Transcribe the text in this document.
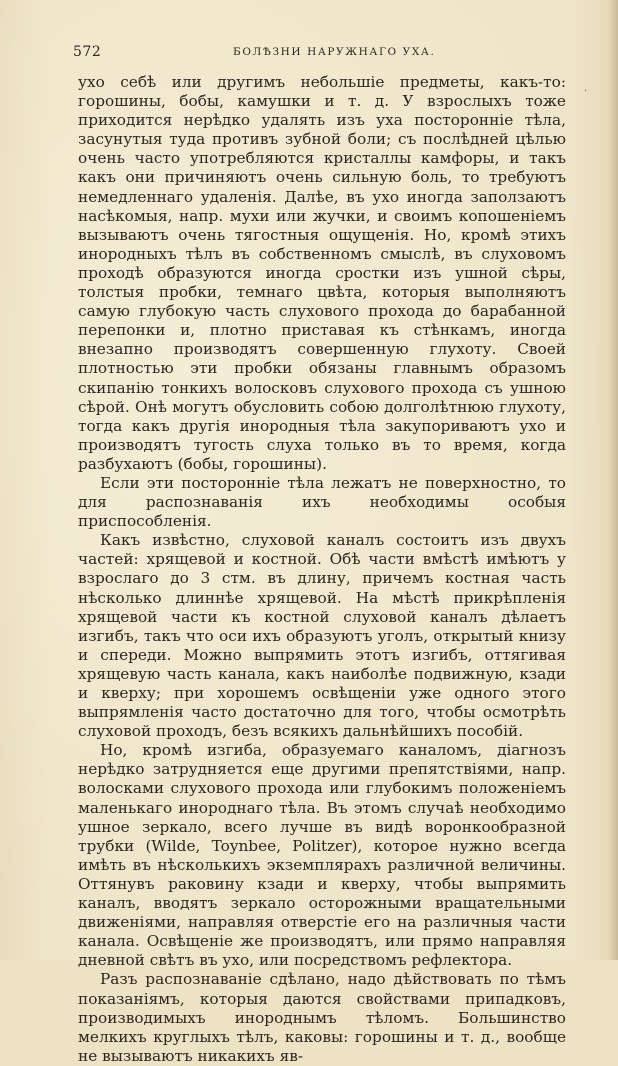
572	БОЛѢЗНИ НАРУЖНАГО УХА.
·

ухо себѣ или другимъ небольшіе предметы, какъ-то: горошины, бобы, камушки и т. д. У взрослыхъ тоже приходится нерѣдко удалять изъ уха посторонніе тѣла, засунутыя туда противъ зубной боли; съ послѣдней цѣлью очень часто употребляются кристаллы камфоры, и такъ какъ они причиняютъ очень сильную боль, то требуютъ немедленнаго удаленія. Далѣе, въ ухо иногда заползаютъ насѣкомыя, напр. мухи или жучки, и своимъ копошеніемъ вызываютъ очень тягостныя ощущенія. Но, кромѣ этихъ инородныхъ тѣлъ въ собственномъ смыслѣ, въ слуховомъ проходѣ образуются иногда сростки изъ ушной сѣры, толстыя пробки, темнаго цвѣта, которыя выполняютъ самую глубокую часть слухового прохода до барабанной перепонки и, плотно приставая къ стѣнкамъ, иногда внезапно производятъ совершенную глухоту. Своей плотностью эти пробки обязаны главнымъ образомъ скипанію тонкихъ волосковъ слухового прохода съ ушною сѣрой. Онѣ могутъ обусловить собою долголѣтнюю глухоту, тогда какъ другія инородныя тѣла закупориваютъ ухо и производятъ тугость слуха только въ то время, когда разбухаютъ (бобы, горошины).

Если эти посторонніе тѣла лежатъ не поверхностно, то для распознаванія ихъ необходимы особыя приспособленія.

Какъ извѣстно, слуховой каналъ состоитъ изъ двухъ частей: хрящевой и костной. Обѣ части вмѣстѣ имѣютъ у взрослаго до 3 стм. въ длину, причемъ костная часть нѣсколько длиннѣе хрящевой. На мѣстѣ прикрѣпленія хрящевой части къ костной слуховой каналъ дѣлаетъ изгибъ, такъ что оси ихъ образуютъ уголъ, открытый книзу и спереди. Можно выпрямить этотъ изгибъ, оттягивая хрящевую часть канала, какъ наиболѣе подвижную, кзади и кверху; при хорошемъ освѣщеніи уже одного этого выпрямленія часто достаточно для того, чтобы осмотрѣть слуховой проходъ, безъ всякихъ дальнѣйшихъ пособій.

Но, кромѣ изгиба, образуемаго каналомъ, діагнозъ нерѣдко затрудняется еще другими препятствіями, напр. волосками слухового прохода или глубокимъ положеніемъ маленькаго инороднаго тѣла. Въ этомъ случаѣ необходимо ушное зеркало, всего лучше въ видѣ воронкообразной трубки (Wilde, Toynbee, Politzer), которое нужно всегда имѣть въ нѣсколькихъ экземплярахъ различной величины. Оттянувъ раковину кзади и кверху, чтобы выпрямить каналъ, вводятъ зеркало осторожными вращательными движеніями, направляя отверстіе его на различныя части канала. Освѣщеніе же производятъ, или прямо направляя дневной свѣтъ въ ухо, или посредствомъ рефлектора.

Разъ распознаваніе сдѣлано, надо дѣйствовать по тѣмъ показаніямъ, которыя даются свойствами припадковъ, производимыхъ инороднымъ тѣломъ. Большинство мелкихъ круглыхъ тѣлъ, каковы: горошины и т. д., вообще не вызываютъ никакихъ яв-
